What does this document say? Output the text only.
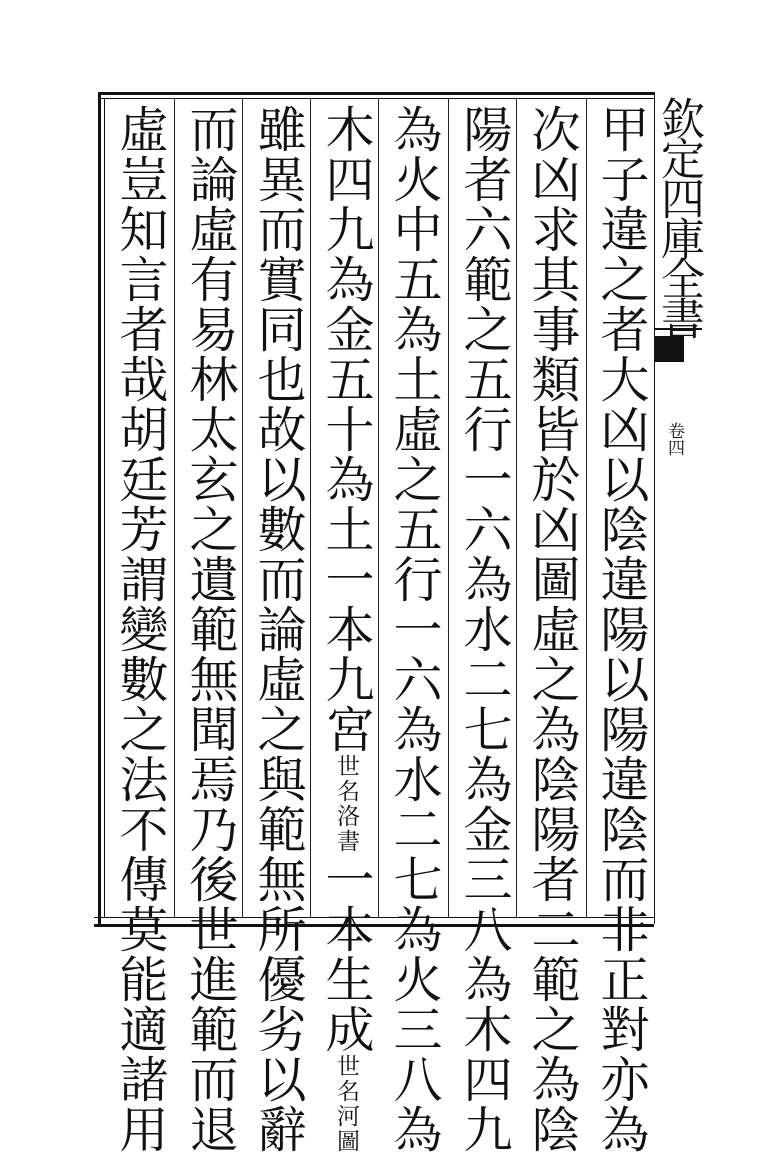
甲子違之者大凶以陰違陽以陽違陰而非正對亦為
次凶求其事類皆於凶圖虛之為陰陽者二範之為陰
陽者六範之五行一六為水二七為金三八為木四九
為火中五為土虛之五行一六為水二七為火三八為
木四九為金五十為土一本九宮世名洛書一本生成世名河圖
雖異而實同也故以數而論虛之與範無所優劣以辭
而論虛有易林太玄之遺範無聞焉乃後世進範而退
虛豈知言者哉胡廷芳謂變數之法不傳莫能適諸用	欽定四庫全書
卷四
